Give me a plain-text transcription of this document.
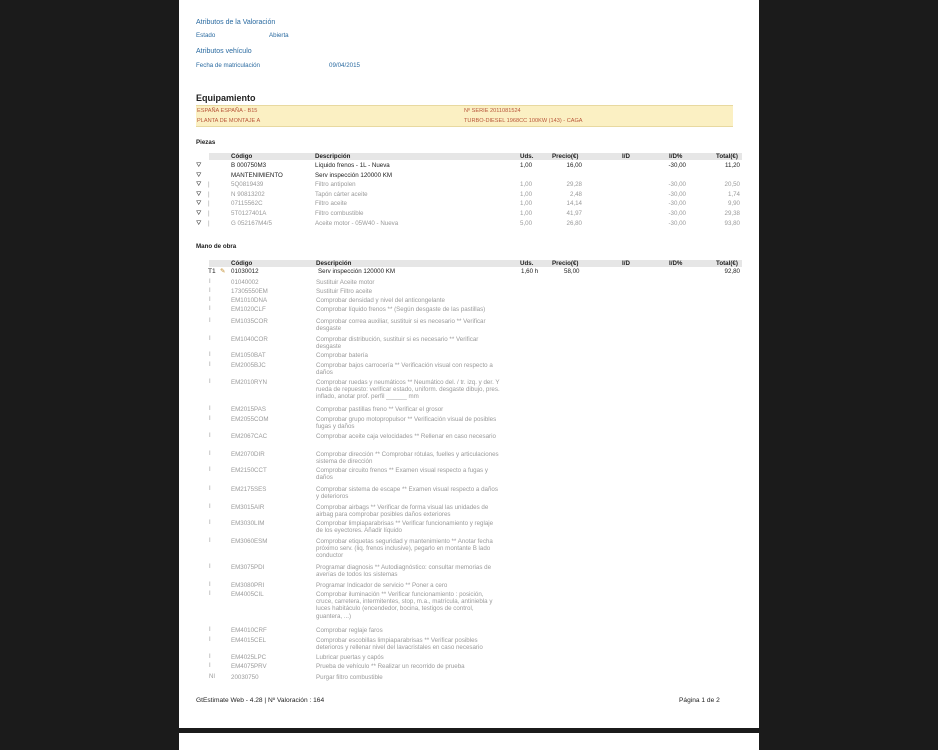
Atributos de la Valoración
Estado	Abierta
Atributos vehículo
Fecha de matriculación	09/04/2015
Equipamiento
ESPAÑA ESPAÑA - B15	Nº SERIE 2011081524
PLANTA DE MONTAJE A	TURBO-DIESEL 1968CC 100KW (143) - CAGA
Piezas
Código	Descripción	Uds.	Precio(€)	I/D	I/D%	Total(€)
Mano de obra
Código	Descripción	Uds.	Precio(€)	I/D	I/D%	Total(€)
T1 ✎ 01030012	Serv inspección 120000 KM	1,60 h	58,00	92,80
GtEstimate Web - 4.28 | Nº Valoración : 164	Página 1 de 2
⛛	B 000750M3	Líquido frenos - 1L - Nueva	1,00	16,00	-30,00	11,20
⛛	MANTENIMIENTO	Serv inspección 120000 KM
⛛ |	5Q0819439	Filtro antipolen	1,00	29,28	-30,00	20,50
⛛ |	N 90813202	Tapón cárter aceite	1,00	2,48	-30,00	1,74
⛛ |	07115562C	Filtro aceite	1,00	14,14	-30,00	9,90
⛛ |	5T0127401A	Filtro combustible	1,00	41,97	-30,00	29,38
⛛ |	G 052167M4/5	Aceite motor - 05W40 - Nueva	5,00	26,80	-30,00	93,80
I	01040002	Sustituir Aceite motor
I	17305550EM	Sustituir Filtro aceite
I	EM1010DNA	Comprobar densidad y nivel del anticongelante
I	EM1020CLF	Comprobar líquido frenos ** (Según desgaste de las pastillas)
I	EM1035COR	Comprobar correa auxiliar, sustituir si es necesario ** Verificar desgaste
I	EM1040COR	Comprobar distribución, sustituir si es necesario ** Verificar desgaste
I	EM1050BAT	Comprobar batería
I	EM2005BJC	Comprobar bajos carrocería ** Verificación visual con respecto a daños
I	EM2010RYN	Comprobar ruedas y neumáticos ** Neumático del. / tr. izq. y der. Y rueda de repuesto: verificar estado, uniform. desgaste dibujo, pres. inflado, anotar prof. perfil ______ mm
I	EM2015PAS	Comprobar pastillas freno ** Verificar el grosor
I	EM2055COM	Comprobar grupo motopropulsor ** Verificación visual de posibles fugas y daños
I	EM2067CAC	Comprobar aceite caja velocidades ** Rellenar en caso necesario
I	EM2070DIR	Comprobar dirección ** Comprobar rótulas, fuelles y articulaciones sistema de dirección
I	EM2150CCT	Comprobar circuito frenos ** Examen visual respecto a fugas y daños
I	EM2175SES	Comprobar sistema de escape ** Examen visual respecto a daños y deterioros
I	EM3015AIR	Comprobar airbags ** Verificar de forma visual las unidades de airbag para comprobar posibles daños exteriores
I	EM3030LIM	Comprobar limpiaparabrisas ** Verificar funcionamiento y reglaje de los eyectores. Añadir líquido
I	EM3060ESM	Comprobar etiquetas seguridad y mantenimiento ** Anotar fecha próximo serv. (liq. frenos inclusive), pegarlo en montante B lado conductor
I	EM3075PDI	Programar diagnosis ** Autodiagnóstico: consultar memorias de averías de todos los sistemas
I	EM3080PRI	Programar Indicador de servicio ** Poner a cero
I	EM4005CIL	Comprobar iluminación ** Verificar funcionamiento : posición, cruce, carretera, intermitentes, stop, m.a., matrícula, antiniebla y luces habitáculo (encendedor, bocina, testigos de control, guantera, ...)
I	EM4010CRF	Comprobar reglaje faros
I	EM4015CEL	Comprobar escobillas limpiaparabrisas ** Verificar posibles deterioros y rellenar nivel del lavacristales en caso necesario
I	EM4025LPC	Lubricar puertas y capós
I	EM4075PRV	Prueba de vehículo ** Realizar un recorrido de prueba
NI	20030750	Purgar filtro combustible
